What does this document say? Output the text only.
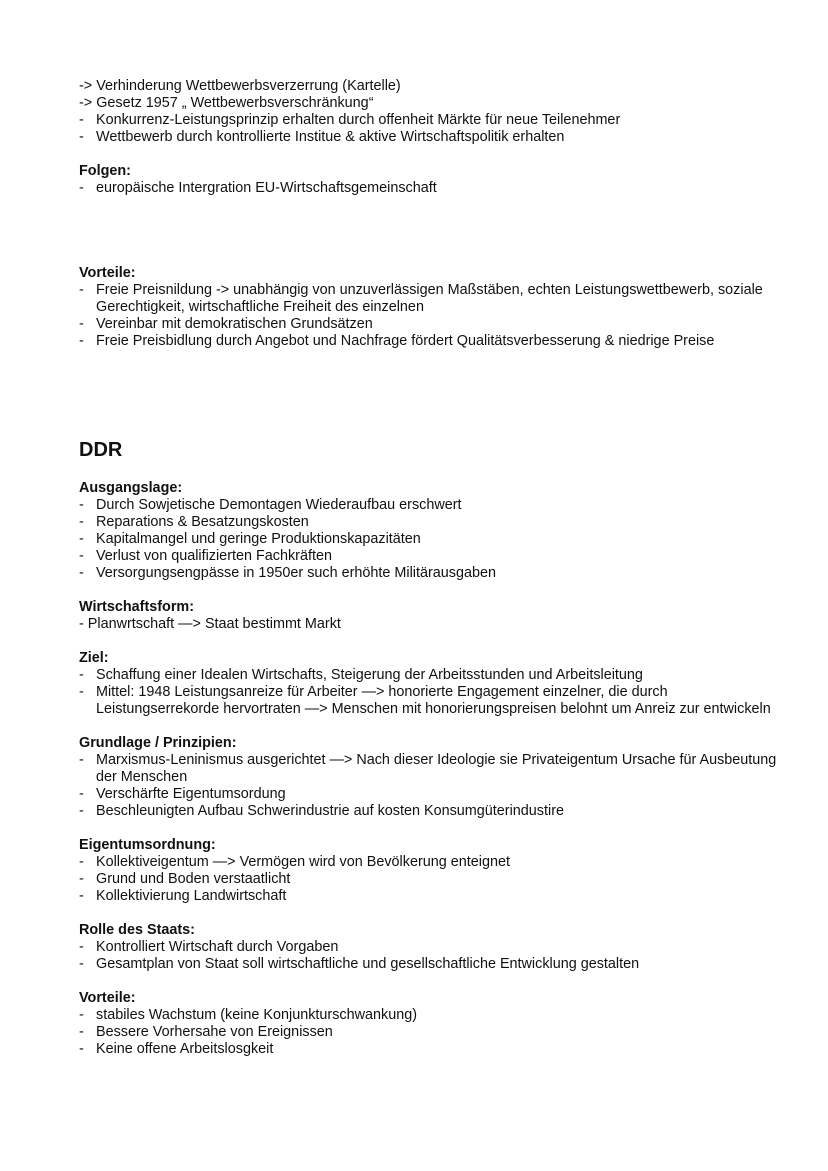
-> Verhinderung Wettbewerbsverzerrung (Kartelle)

-> Gesetz 1957 „ Wettbewerbsverschränkung“

- Konkurrenz-Leistungsprinzip erhalten durch offenheit Märkte für neue Teilenehmer
- Wettbewerb durch kontrollierte Institue & aktive Wirtschaftspolitik erhalten

Folgen:

- europäische Intergration EU-Wirtschaftsgemeinschaft

Vorteile:

- Freie Preisnildung -> unabhängig von unzuverlässigen Maßstäben, echten Leistungswettbewerb, soziale Gerechtigkeit, wirtschaftliche Freiheit des einzelnen
- Vereinbar mit demokratischen Grundsätzen
- Freie Preisbidlung durch Angebot und Nachfrage fördert Qualitätsverbesserung & niedrige Preise

DDR

Ausgangslage:

- Durch Sowjetische Demontagen Wiederaufbau erschwert
- Reparations & Besatzungskosten
- Kapitalmangel und geringe Produktionskapazitäten
- Verlust von qualifizierten Fachkräften
- Versorgungsengpässe in 1950er such erhöhte Militärausgaben

Wirtschaftsform:

- Planwrtschaft —> Staat bestimmt Markt

Ziel:

- Schaffung einer Idealen Wirtschafts, Steigerung der Arbeitsstunden und Arbeitsleitung
- Mittel: 1948 Leistungsanreize für Arbeiter —> honorierte Engagement einzelner, die durch Leistungserrekorde hervortraten —> Menschen mit honorierungspreisen belohnt um Anreiz zur entwickeln

Grundlage / Prinzipien:

- Marxismus-Leninismus ausgerichtet —> Nach dieser Ideologie sie Privateigentum Ursache für Ausbeutung der Menschen
- Verschärfte Eigentumsordung
- Beschleunigten Aufbau Schwerindustrie auf kosten Konsumgüterindustire

Eigentumsordnung:

- Kollektiveigentum —> Vermögen wird von Bevölkerung enteignet
- Grund und Boden verstaatlicht
- Kollektivierung Landwirtschaft

Rolle des Staats:

- Kontrolliert Wirtschaft durch Vorgaben
- Gesamtplan von Staat soll wirtschaftliche und gesellschaftliche Entwicklung gestalten

Vorteile:

- stabiles Wachstum (keine Konjunkturschwankung)
- Bessere Vorhersahe von Ereignissen
- Keine offene Arbeitslosgkeit
